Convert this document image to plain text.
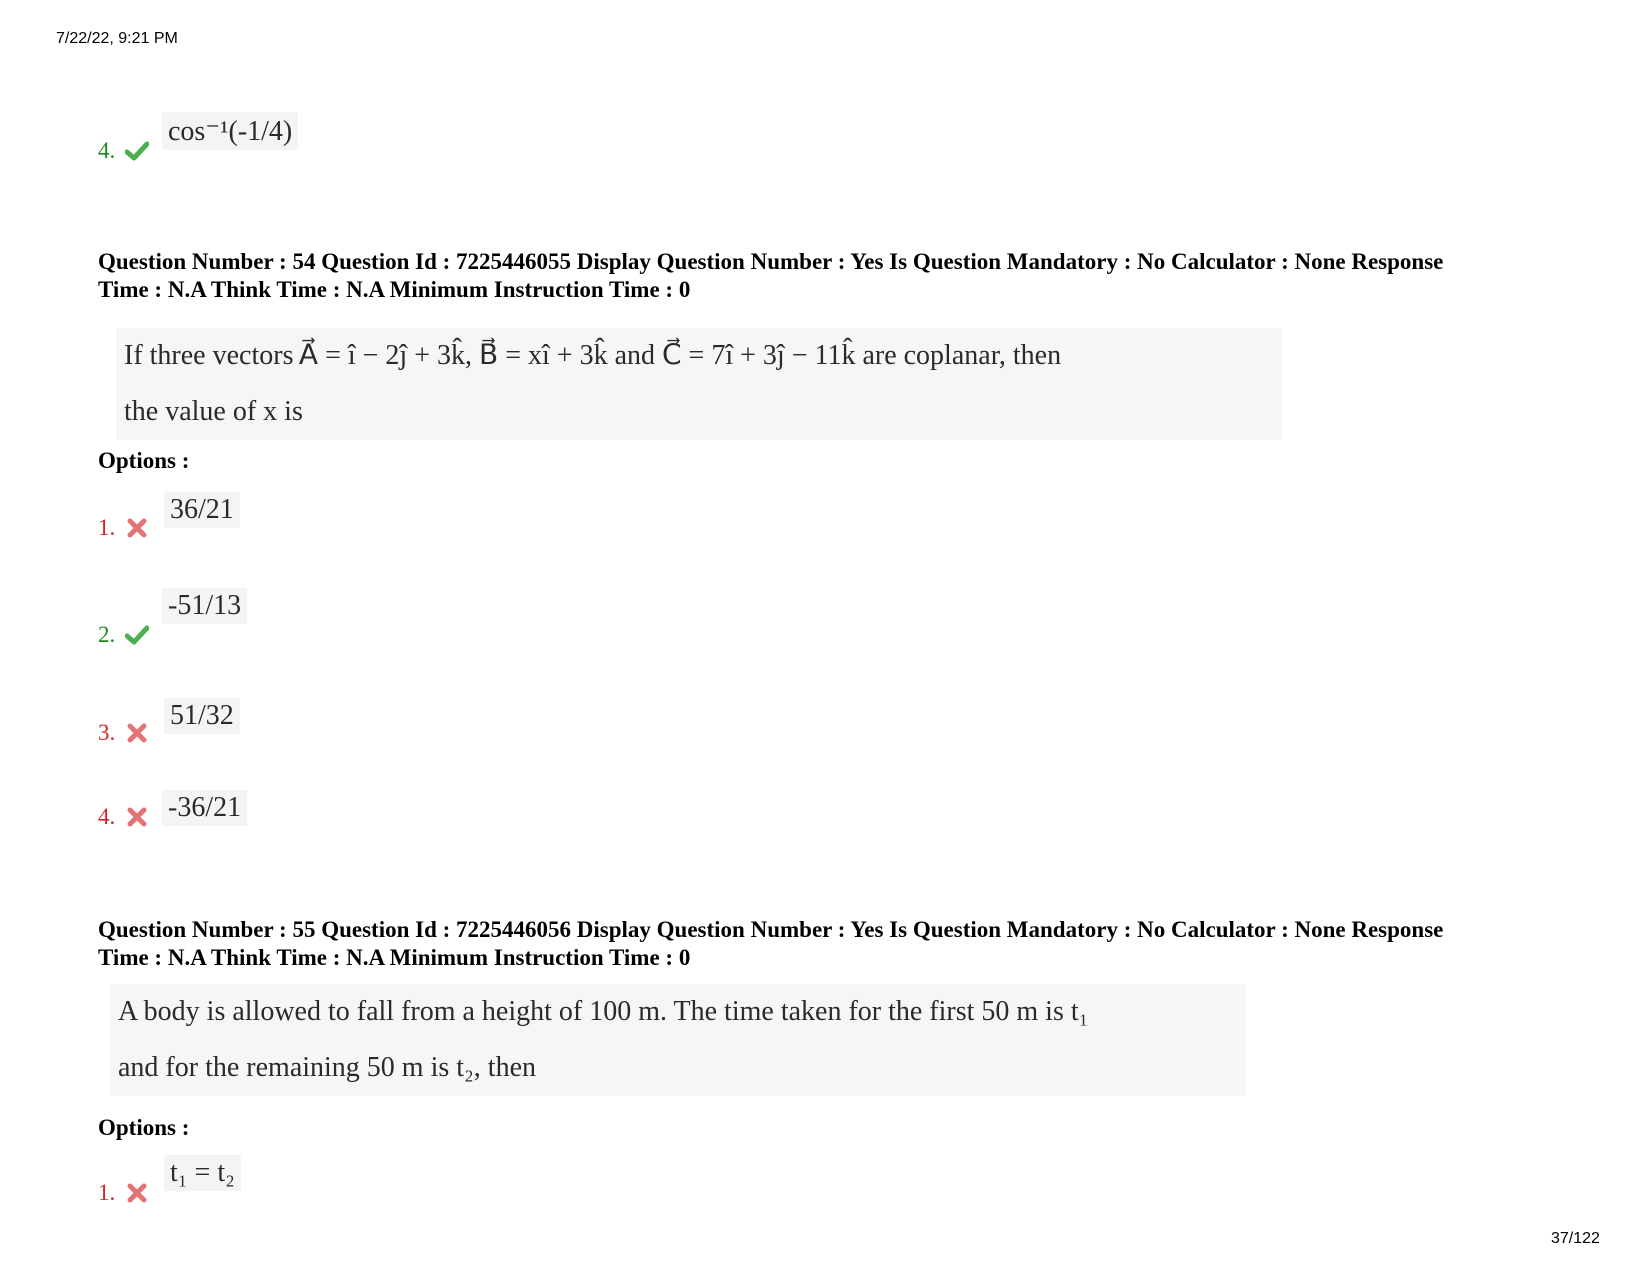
7/22/22, 9:21 PM
37/122
4.
cos⁻¹(-1/4)
Question Number : 54 Question Id : 7225446055 Display Question Number : Yes Is Question Mandatory : No Calculator : None Response
Time : N.A Think Time : N.A Minimum Instruction Time : 0
If three vectors A⃗ = î − 2ĵ + 3k̂, B⃗ = xî + 3k̂ and C⃗ = 7î + 3ĵ − 11k̂ are coplanar, then
the value of x is
Options :
1.
36/21
2.
-51/13
3.
51/32
4.	-36/21
Question Number : 55 Question Id : 7225446056 Display Question Number : Yes Is Question Mandatory : No Calculator : None Response
Time : N.A Think Time : N.A Minimum Instruction Time : 0
A body is allowed to fall from a height of 100 m. The time taken for the first 50 m is t₁
and for the remaining 50 m is t₂, then
Options :
1.
t₁ = t₂
